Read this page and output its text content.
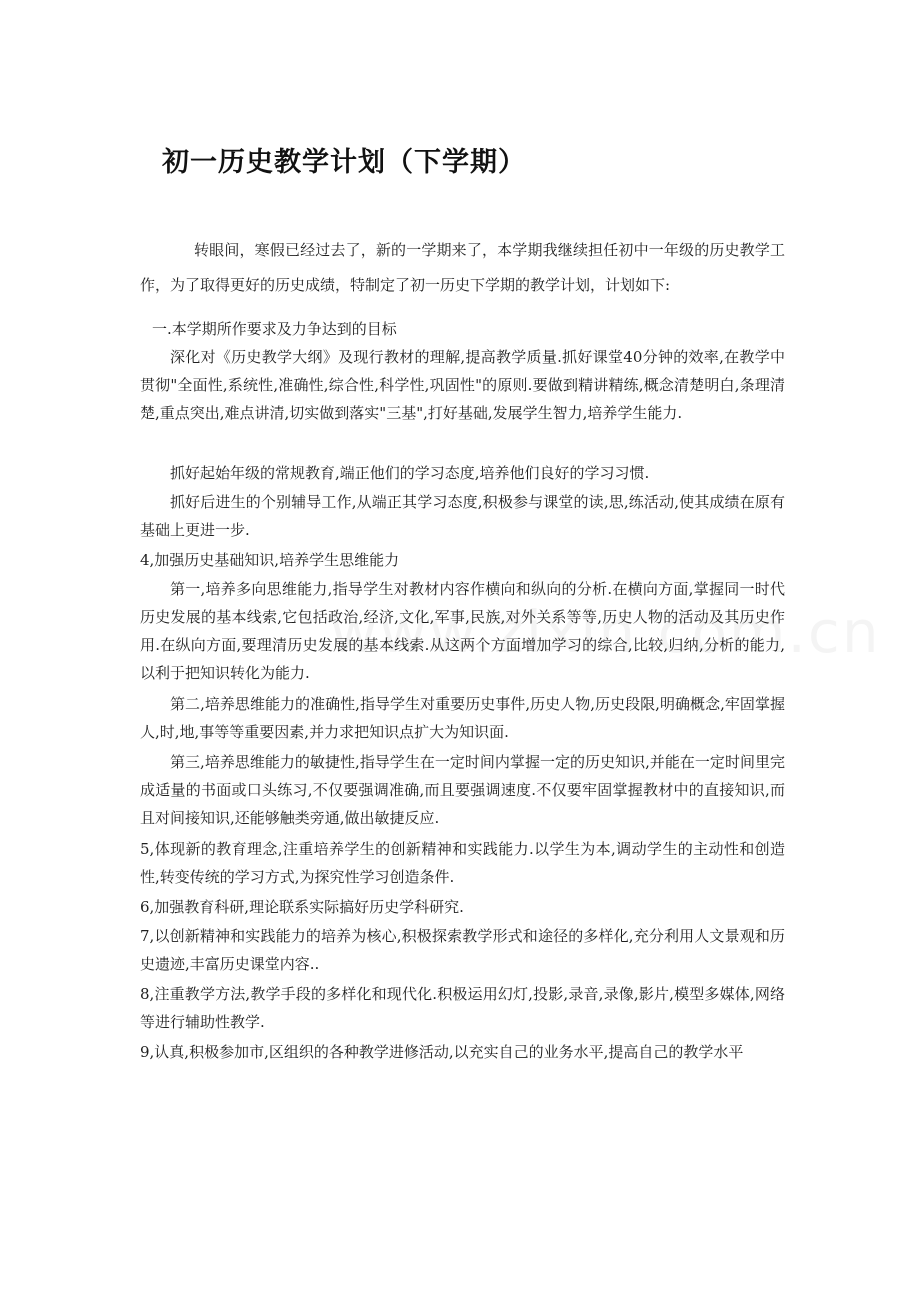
初一历史教学计划（下学期）

转眼间，寒假已经过去了，新的一学期来了，本学期我继续担任初中一年级的历史教学工作，为了取得更好的历史成绩，特制定了初一历史下学期的教学计划，计划如下:

一.本学期所作要求及力争达到的目标

深化对《历史教学大纲》及现行教材的理解,提高教学质量.抓好课堂40分钟的效率,在教学中贯彻"全面性,系统性,准确性,综合性,科学性,巩固性"的原则.要做到精讲精练,概念清楚明白,条理清楚,重点突出,难点讲清,切实做到落实"三基",打好基础,发展学生智力,培养学生能力.

抓好起始年级的常规教育,端正他们的学习态度,培养他们良好的学习习惯.

抓好后进生的个别辅导工作,从端正其学习态度,积极参与课堂的读,思,练活动,使其成绩在原有基础上更进一步.

4,加强历史基础知识,培养学生思维能力

第一,培养多向思维能力,指导学生对教材内容作横向和纵向的分析.在横向方面,掌握同一时代历史发展的基本线索,它包括政治,经济,文化,军事,民族,对外关系等等,历史人物的活动及其历史作用.在纵向方面,要理清历史发展的基本线索.从这两个方面增加学习的综合,比较,归纳,分析的能力,以利于把知识转化为能力.

第二,培养思维能力的准确性,指导学生对重要历史事件,历史人物,历史段限,明确概念,牢固掌握人,时,地,事等等重要因素,并力求把知识点扩大为知识面.

第三,培养思维能力的敏捷性,指导学生在一定时间内掌握一定的历史知识,并能在一定时间里完成适量的书面或口头练习,不仅要强调准确,而且要强调速度.不仅要牢固掌握教材中的直接知识,而且对间接知识,还能够触类旁通,做出敏捷反应.

5,体现新的教育理念,注重培养学生的创新精神和实践能力.以学生为本,调动学生的主动性和创造性,转变传统的学习方式,为探究性学习创造条件.

6,加强教育科研,理论联系实际搞好历史学科研究.

7,以创新精神和实践能力的培养为核心,积极探索教学形式和途径的多样化,充分利用人文景观和历史遗迹,丰富历史课堂内容..

8,注重教学方法,教学手段的多样化和现代化.积极运用幻灯,投影,录音,录像,影片,模型多媒体,网络等进行辅助性教学.

9,认真,积极参加市,区组织的各种教学进修活动,以充实自己的业务水平,提高自己的教学水平
